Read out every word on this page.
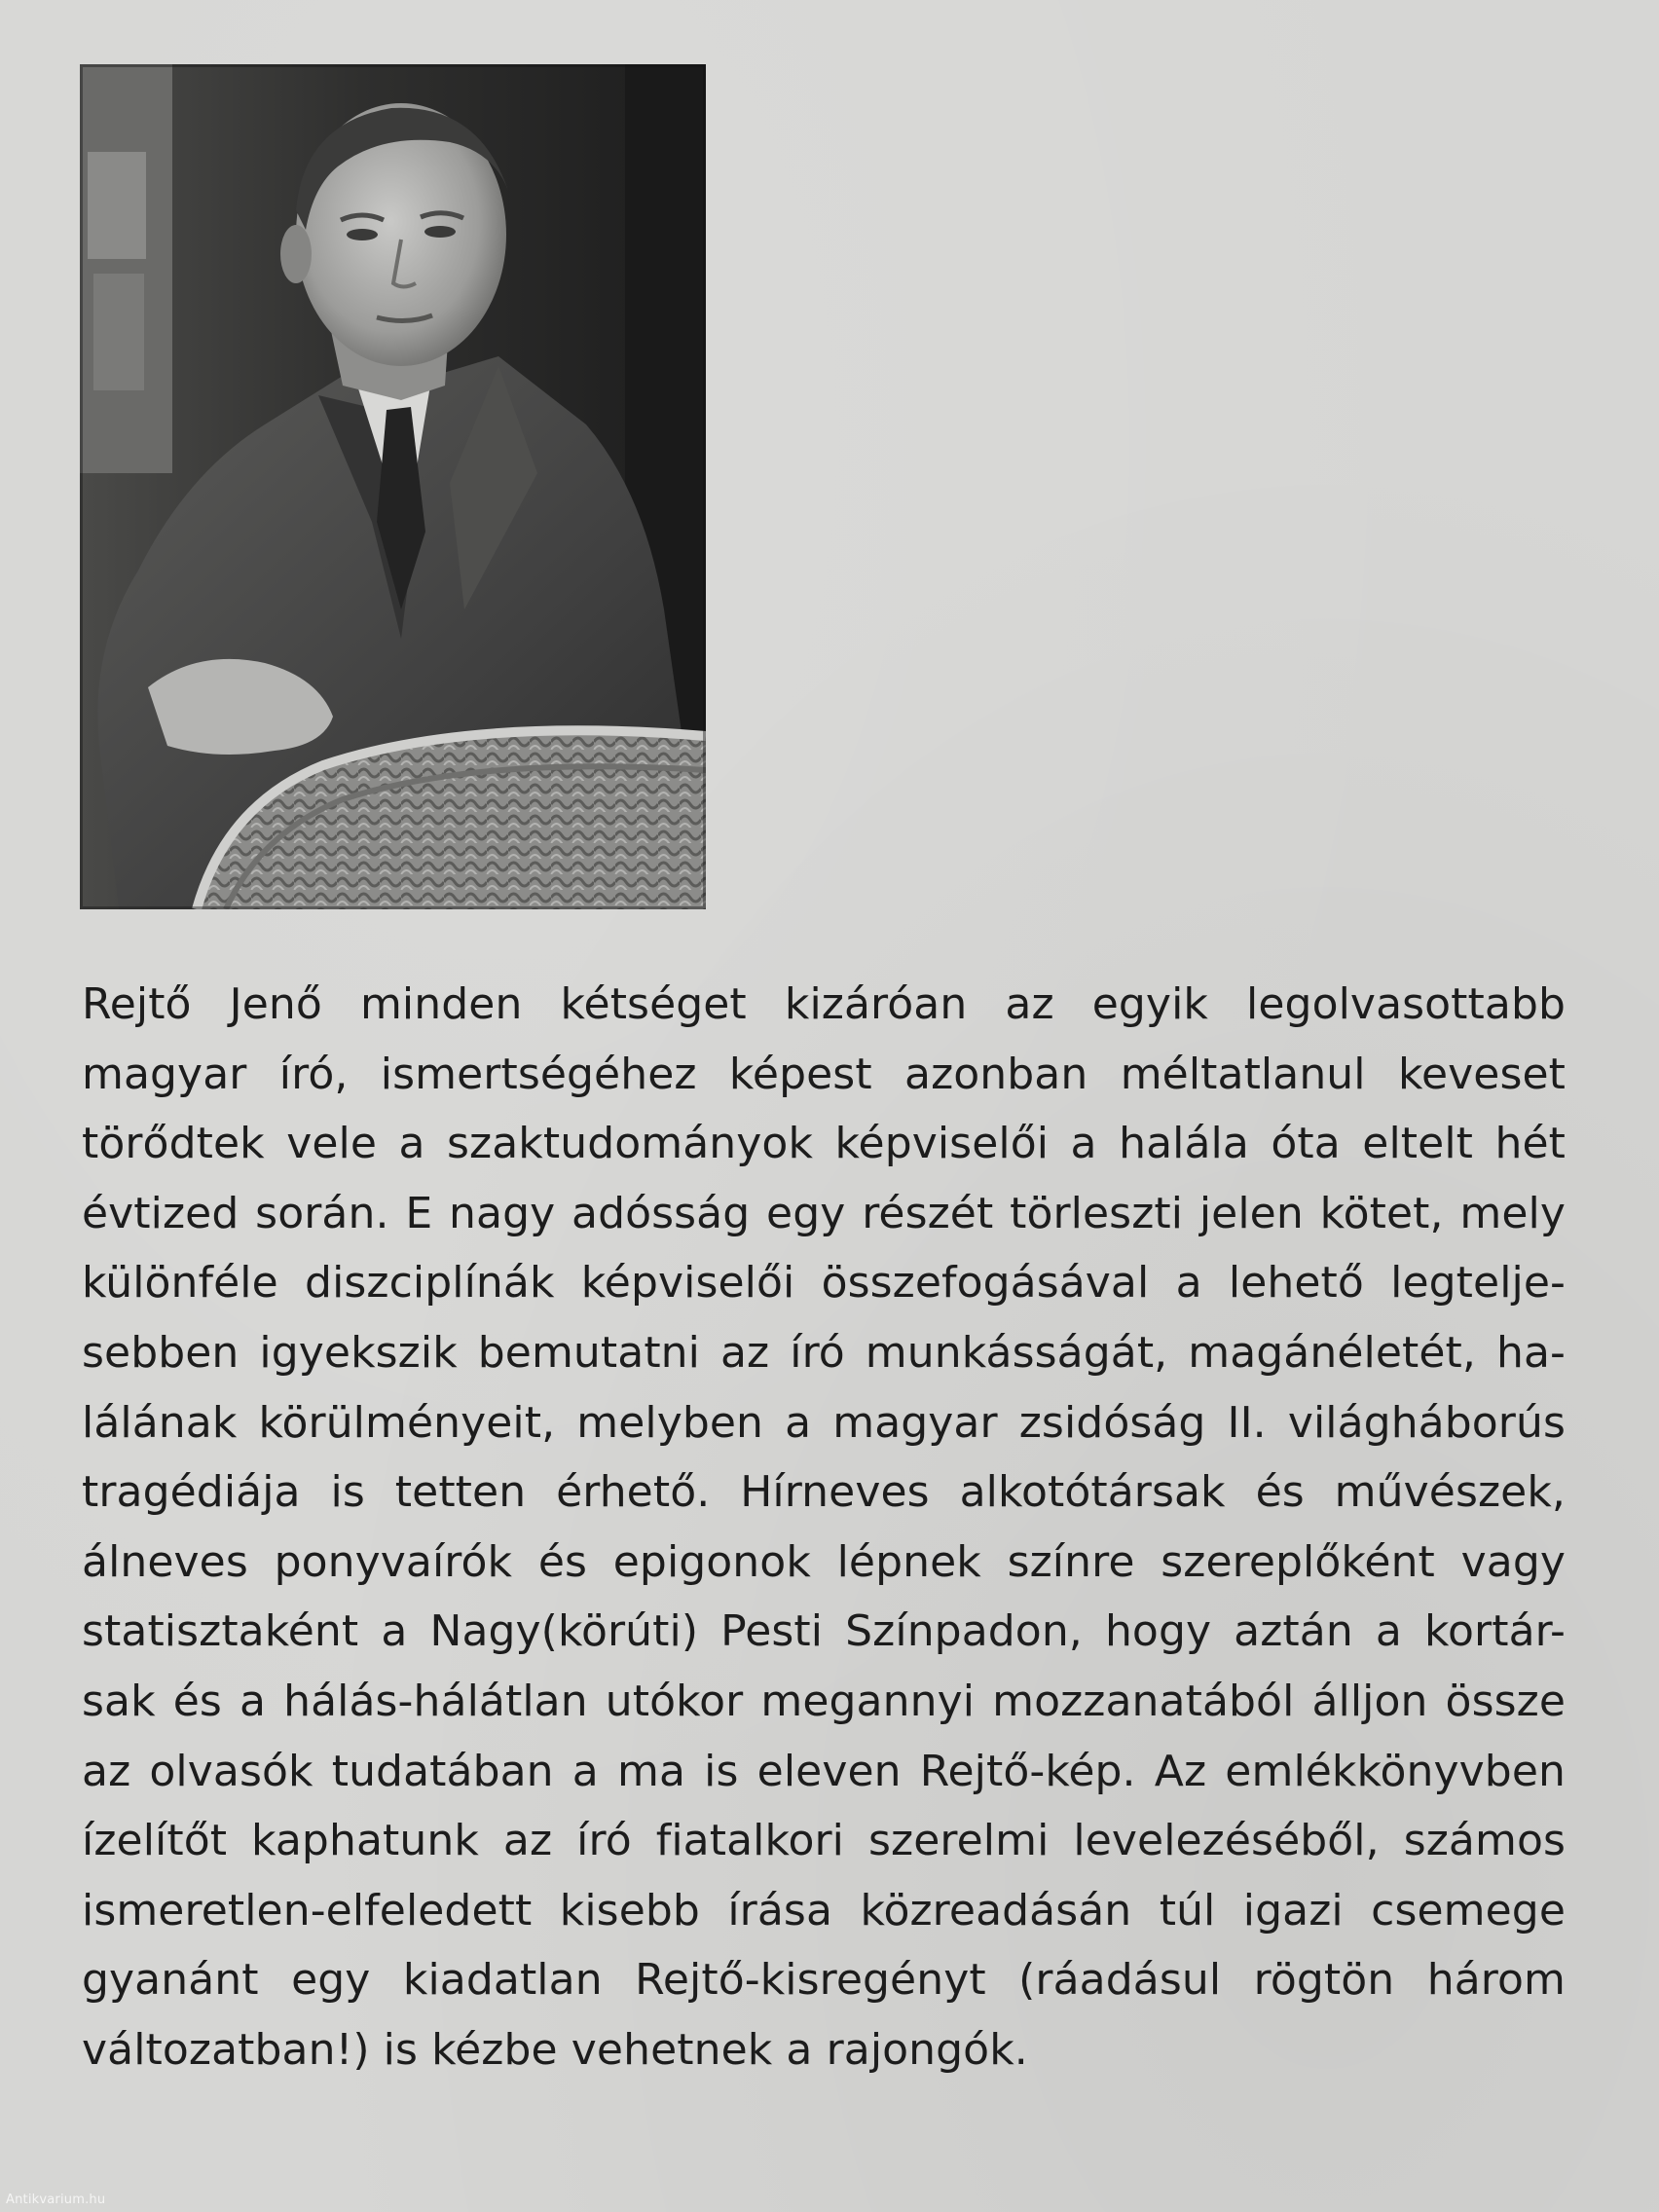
Rejtő Jenő minden kétséget kizáróan az egyik legolvasottabb
magyar író, ismertségéhez képest azonban méltatlanul keveset
törődtek vele a szaktudományok képviselői a halála óta eltelt hét
évtized során. E nagy adósság egy részét törleszti jelen kötet, mely
különféle diszciplínák képviselői összefogásával a lehető legtelje-
sebben igyekszik bemutatni az író munkásságát, magánéletét, ha-
lálának körülményeit, melyben a magyar zsidóság II. világháborús
tragédiája is tetten érhető. Hírneves alkotótársak és művészek,
álneves ponyvaírók és epigonok lépnek színre szereplőként vagy
statisztaként a Nagy(körúti) Pesti Színpadon, hogy aztán a kortár-
sak és a hálás-hálátlan utókor megannyi mozzanatából álljon össze
az olvasók tudatában a ma is eleven Rejtő-kép. Az emlékkönyvben
ízelítőt kaphatunk az író fiatalkori szerelmi levelezéséből, számos
ismeretlen-elfeledett kisebb írása közreadásán túl igazi csemege
gyanánt egy kiadatlan Rejtő-kisregényt (ráadásul rögtön három
változatban!) is kézbe vehetnek a rajongók.
Antikvarium.hu
